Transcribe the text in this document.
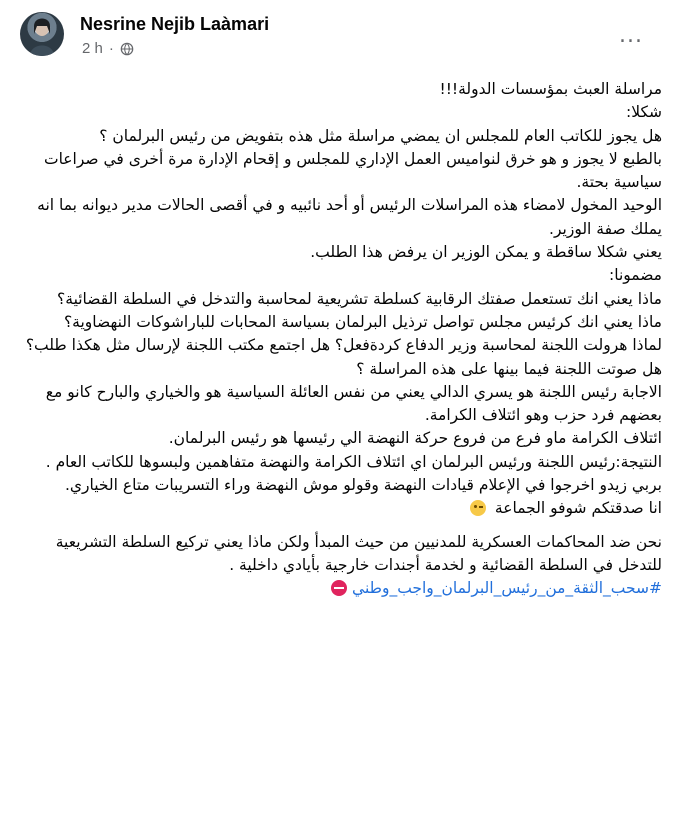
Nesrine Nejib Laàmari
2 h ·
...

مراسلة العبث بمؤسسات الدولة!!!

شكلا:

هل يجوز للكاتب العام للمجلس ان يمضي مراسلة مثل هذه بتفويض من رئيس البرلمان ؟

بالطبع لا يجوز و هو خرق لنواميس العمل الإداري للمجلس و إقحام الإدارة مرة أخرى في صراعات سياسية بحتة.

الوحيد المخول لامضاء هذه المراسلات الرئيس أو أحد نائبيه و في أقصى الحالات مدير ديوانه بما انه يملك صفة الوزير.

يعني شكلا ساقطة و يمكن الوزير ان يرفض هذا الطلب.

مضمونا:

ماذا يعني انك تستعمل صفتك الرقابية كسلطة تشريعية لمحاسبة والتدخل في السلطة القضائية؟

ماذا يعني انك كرئيس مجلس تواصل ترذيل البرلمان بسياسة المحابات للباراشوكات النهضاوية؟

لماذا هرولت اللجنة لمحاسبة وزير الدفاع كردةفعل؟ هل اجتمع مكتب اللجنة لإرسال مثل هكذا طلب؟ هل صوتت اللجنة فيما بينها على هذه المراسلة ؟

الاجابة رئيس اللجنة هو يسري الدالي يعني من نفس العائلة السياسية هو والخياري والبارح كانو مع بعضهم فرد حزب وهو ائتلاف الكرامة.

ائتلاف الكرامة ماو فرع من فروع حركة النهضة الي رئيسها هو رئيس البرلمان.

النتيجة:رئيس اللجنة ورئيس البرلمان اي ائتلاف الكرامة والنهضة متفاهمين ولبسوها للكاتب العام .

بربي زيدو اخرجوا في الإعلام قيادات النهضة وقولو موش النهضة وراء التسريبات متاع الخياري.

انا صدقتكم شوفو الجماعة

نحن ضد المحاكمات العسكرية للمدنيين من حيث المبدأ ولكن ماذا يعني تركيع السلطة التشريعية للتدخل في السلطة القضائية و لخدمة أجندات خارجية بأيادي داخلية .

#سحب_الثقة_من_رئيس_البرلمان_واجب_وطني
